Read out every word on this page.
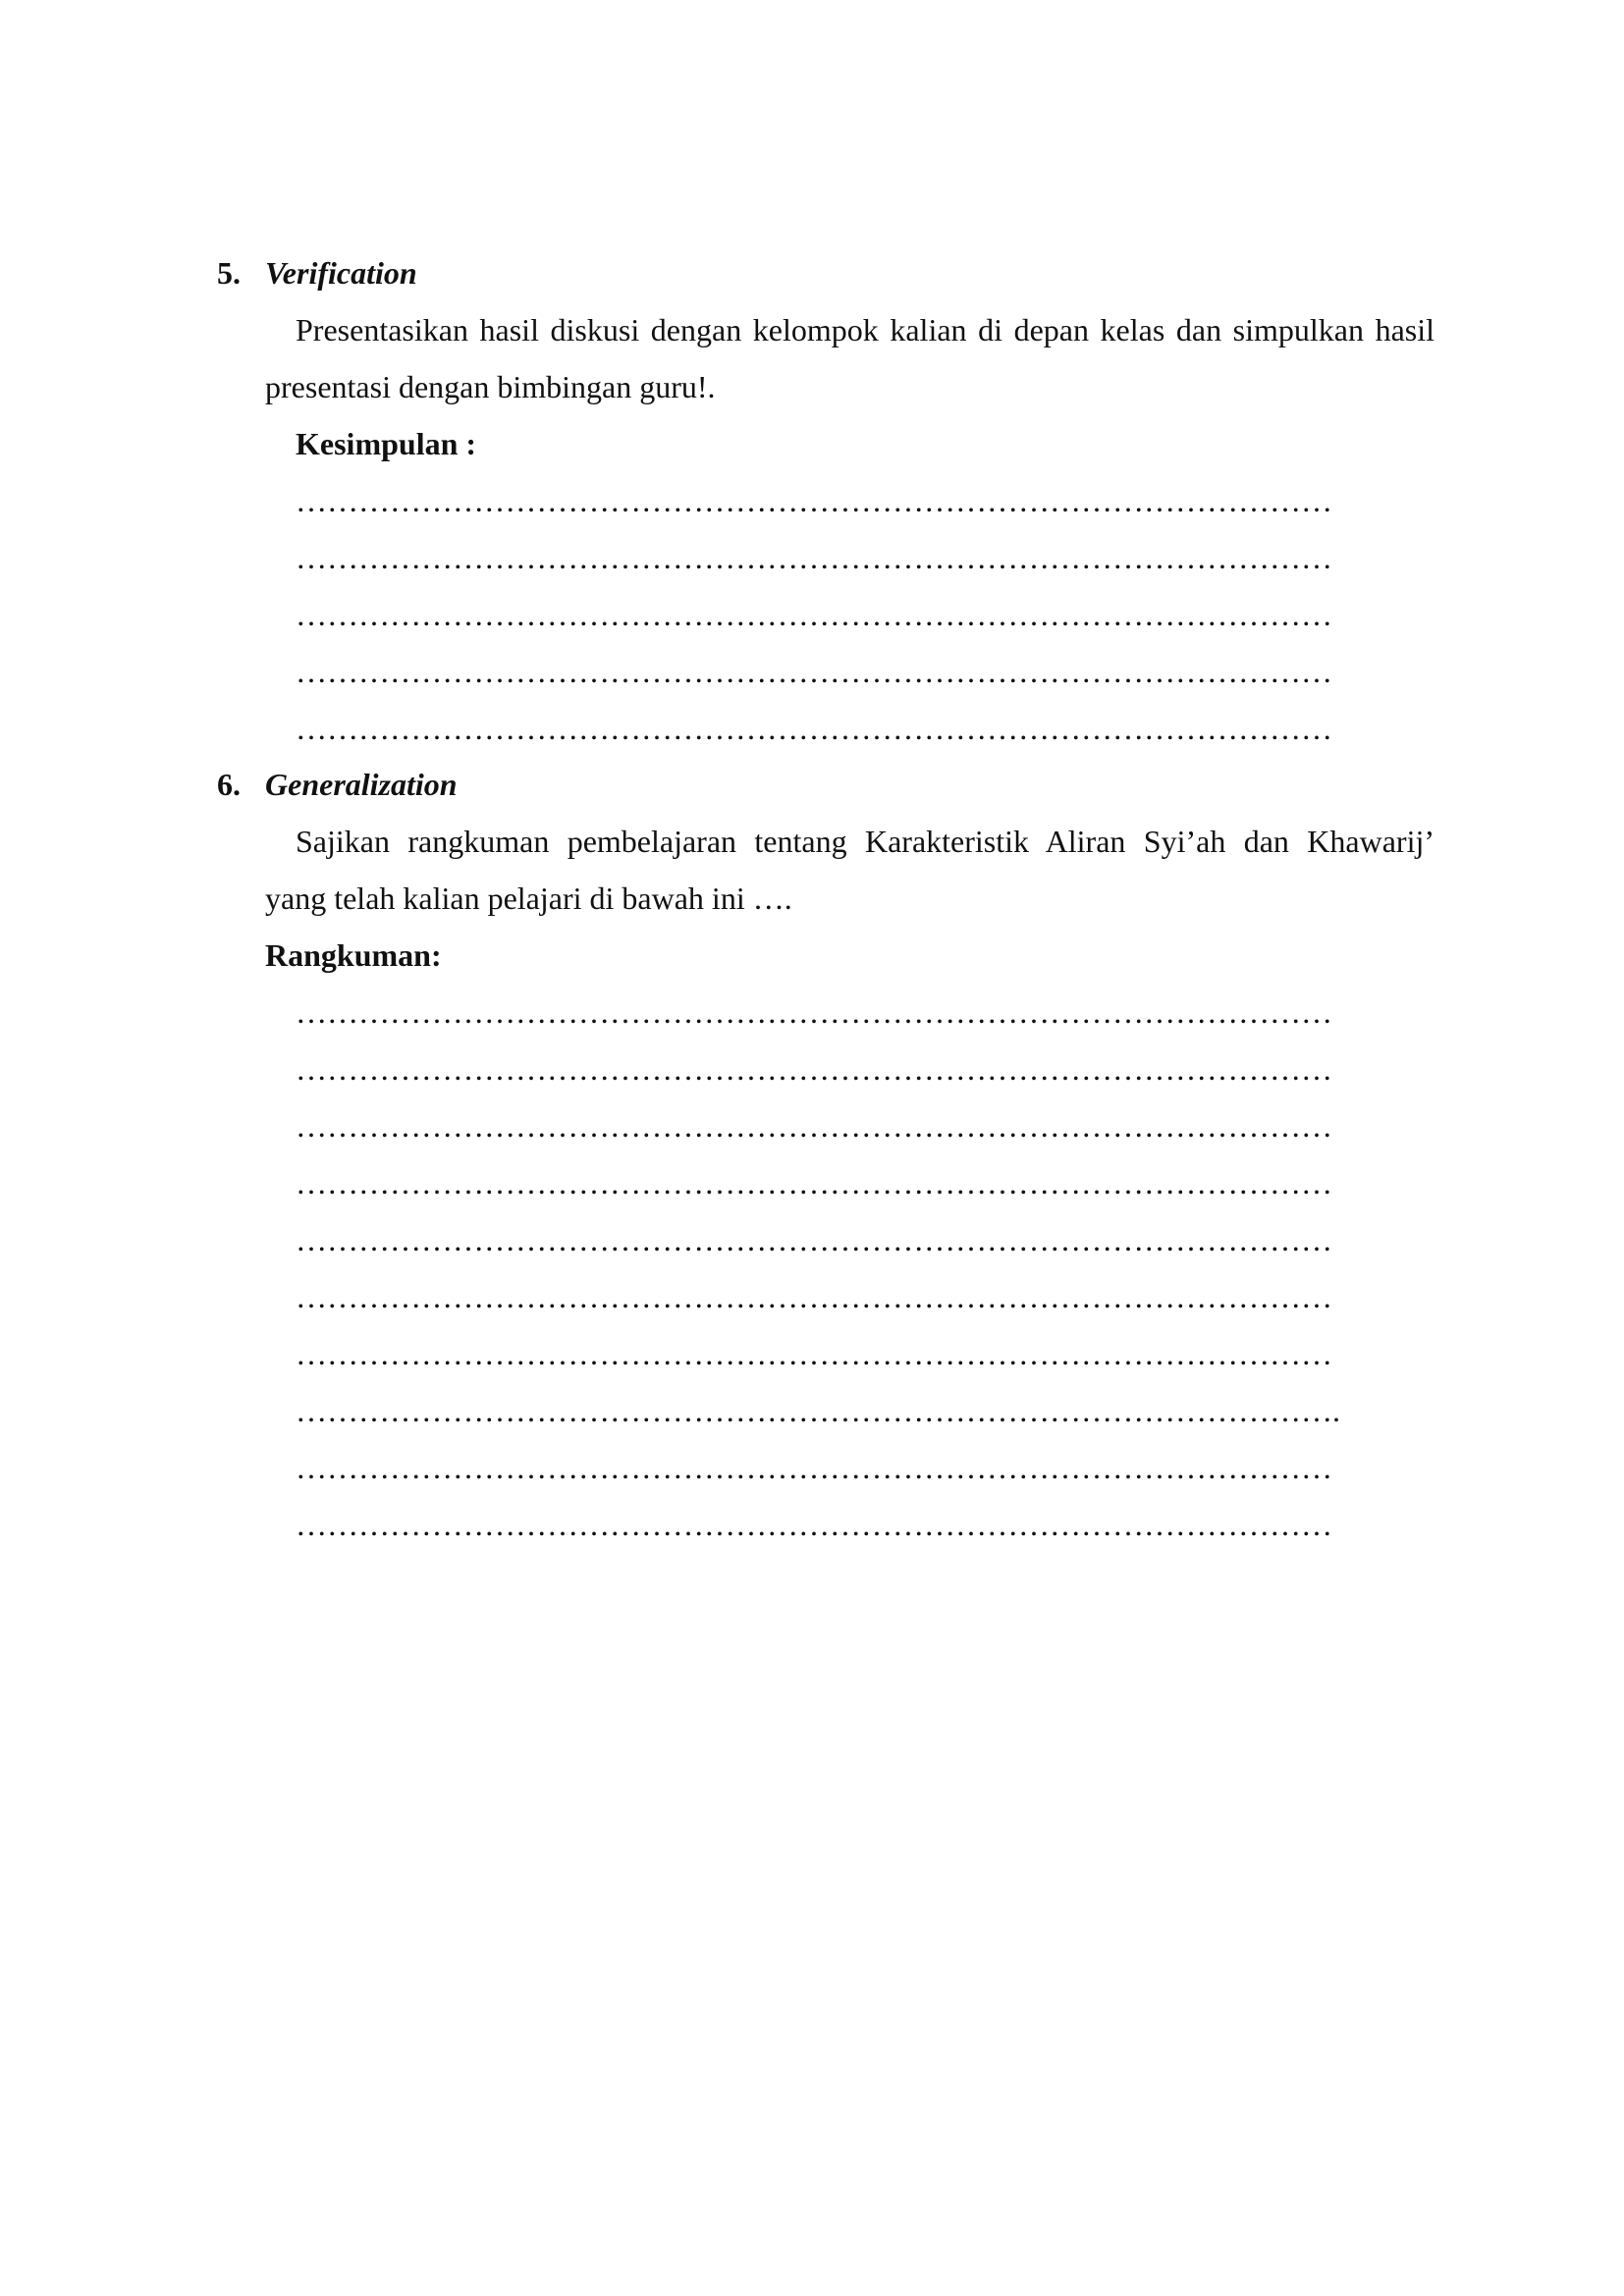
5. Verification
Presentasikan hasil diskusi dengan kelompok kalian di depan kelas dan simpulkan hasil
presentasi dengan bimbingan guru!.
Kesimpulan :
………………………………………………………………………………………
………………………………………………………………………………………
………………………………………………………………………………………
………………………………………………………………………………………
………………………………………………………………………………………
6. Generalization
Sajikan rangkuman pembelajaran tentang Karakteristik Aliran Syi’ah dan Khawarij’
yang telah kalian pelajari di bawah ini ….
Rangkuman:
………………………………………………………………………………………
………………………………………………………………………………………
………………………………………………………………………………………
………………………………………………………………………………………
………………………………………………………………………………………
………………………………………………………………………………………
………………………………………………………………………………………
……………………………………………………………………………………….
………………………………………………………………………………………
………………………………………………………………………………………
